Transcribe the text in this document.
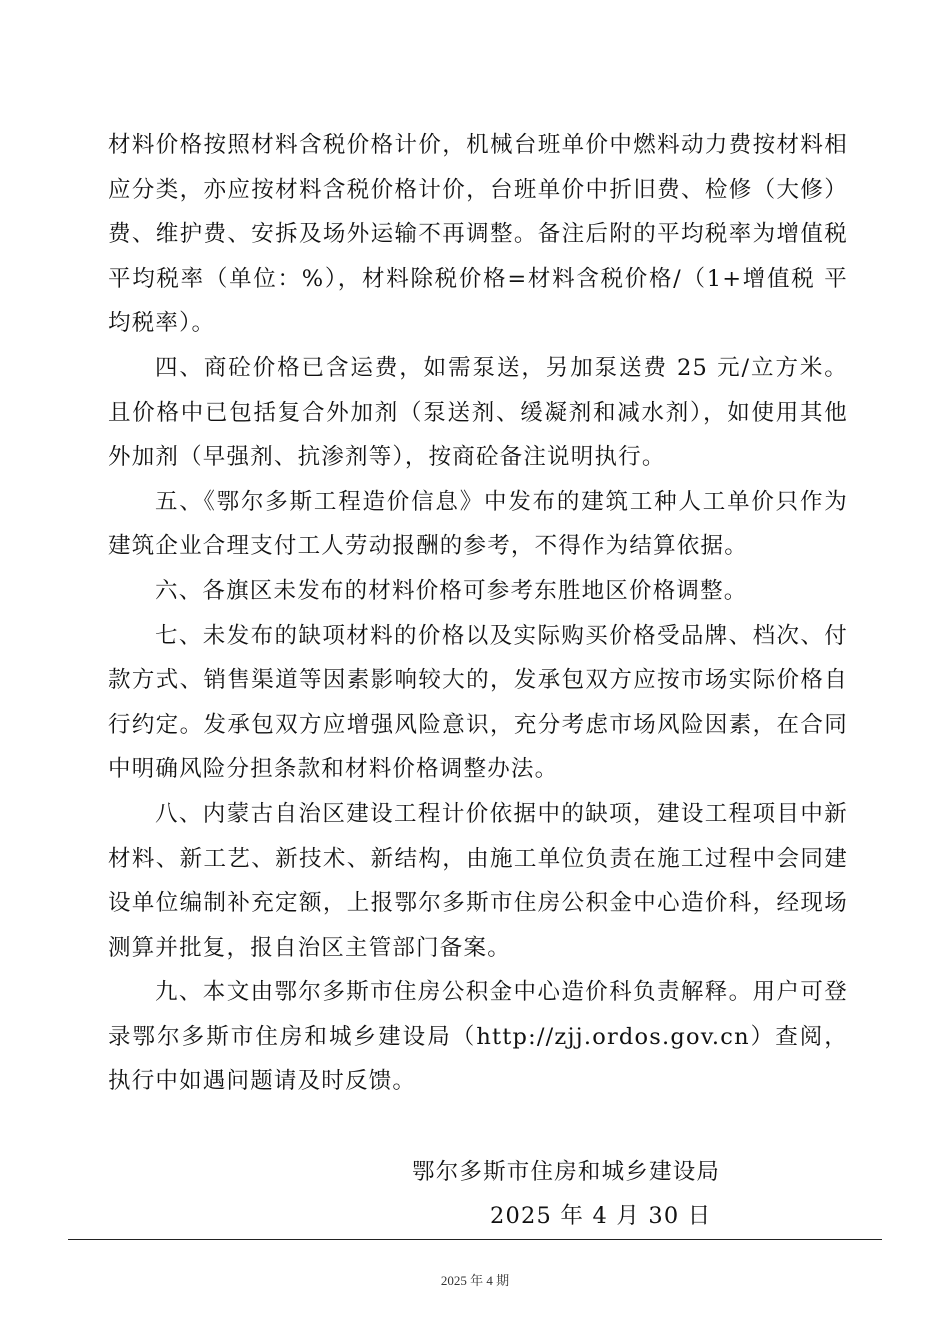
材料价格按照材料含税价格计价，机械台班单价中燃料动力费按材料相应分类，亦应按材料含税价格计价，台班单价中折旧费、检修（大修）费、维护费、安拆及场外运输不再调整。备注后附的平均税率为增值税平均税率（单位：%），材料除税价格=材料含税价格/（1+增值税 平均税率）。

四、商砼价格已含运费，如需泵送，另加泵送费 25 元/立方米。且价格中已包括复合外加剂（泵送剂、缓凝剂和减水剂），如使用其他外加剂（早强剂、抗渗剂等），按商砼备注说明执行。

五、《鄂尔多斯工程造价信息》中发布的建筑工种人工单价只作为建筑企业合理支付工人劳动报酬的参考，不得作为结算依据。

六、各旗区未发布的材料价格可参考东胜地区价格调整。

七、未发布的缺项材料的价格以及实际购买价格受品牌、档次、付款方式、销售渠道等因素影响较大的，发承包双方应按市场实际价格自行约定。发承包双方应增强风险意识，充分考虑市场风险因素，在合同中明确风险分担条款和材料价格调整办法。

八、内蒙古自治区建设工程计价依据中的缺项，建设工程项目中新材料、新工艺、新技术、新结构，由施工单位负责在施工过程中会同建设单位编制补充定额，上报鄂尔多斯市住房公积金中心造价科，经现场测算并批复，报自治区主管部门备案。

九、本文由鄂尔多斯市住房公积金中心造价科负责解释。用户可登录鄂尔多斯市住房和城乡建设局（http://zjj.ordos.gov.cn）查阅，执行中如遇问题请及时反馈。

鄂尔多斯市住房和城乡建设局
2025 年 4 月 30 日
2025 年 4 期
